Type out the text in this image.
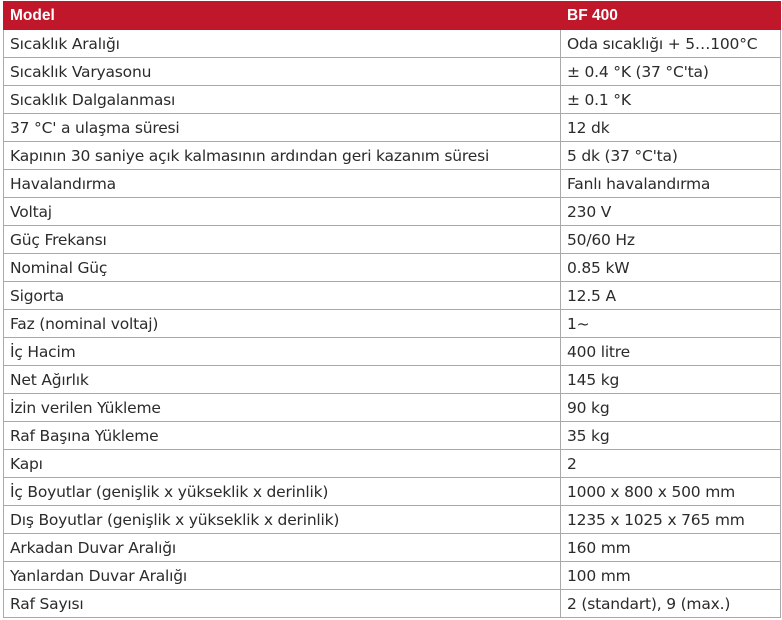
Model	BF 400
Sıcaklık Aralığı	Oda sıcaklığı + 5…100°C
Sıcaklık Varyasonu	± 0.4 °K (37 °C'ta)
Sıcaklık Dalgalanması	± 0.1 °K
37 °C' a ulaşma süresi	12 dk
Kapının 30 saniye açık kalmasının ardından geri kazanım süresi	5 dk (37 °C'ta)
Havalandırma	Fanlı havalandırma
Voltaj	230 V
Güç Frekansı	50/60 Hz
Nominal Güç	0.85 kW
Sigorta	12.5 A
Faz (nominal voltaj)	1~
İç Hacim	400 litre
Net Ağırlık	145 kg
İzin verilen Yükleme	90 kg
Raf Başına Yükleme	35 kg
Kapı	2
İç Boyutlar (genişlik x yükseklik x derinlik)	1000 x 800 x 500 mm
Dış Boyutlar (genişlik x yükseklik x derinlik)	1235 x 1025 x 765 mm
Arkadan Duvar Aralığı	160 mm
Yanlardan Duvar Aralığı	100 mm
Raf Sayısı	2 (standart), 9 (max.)
